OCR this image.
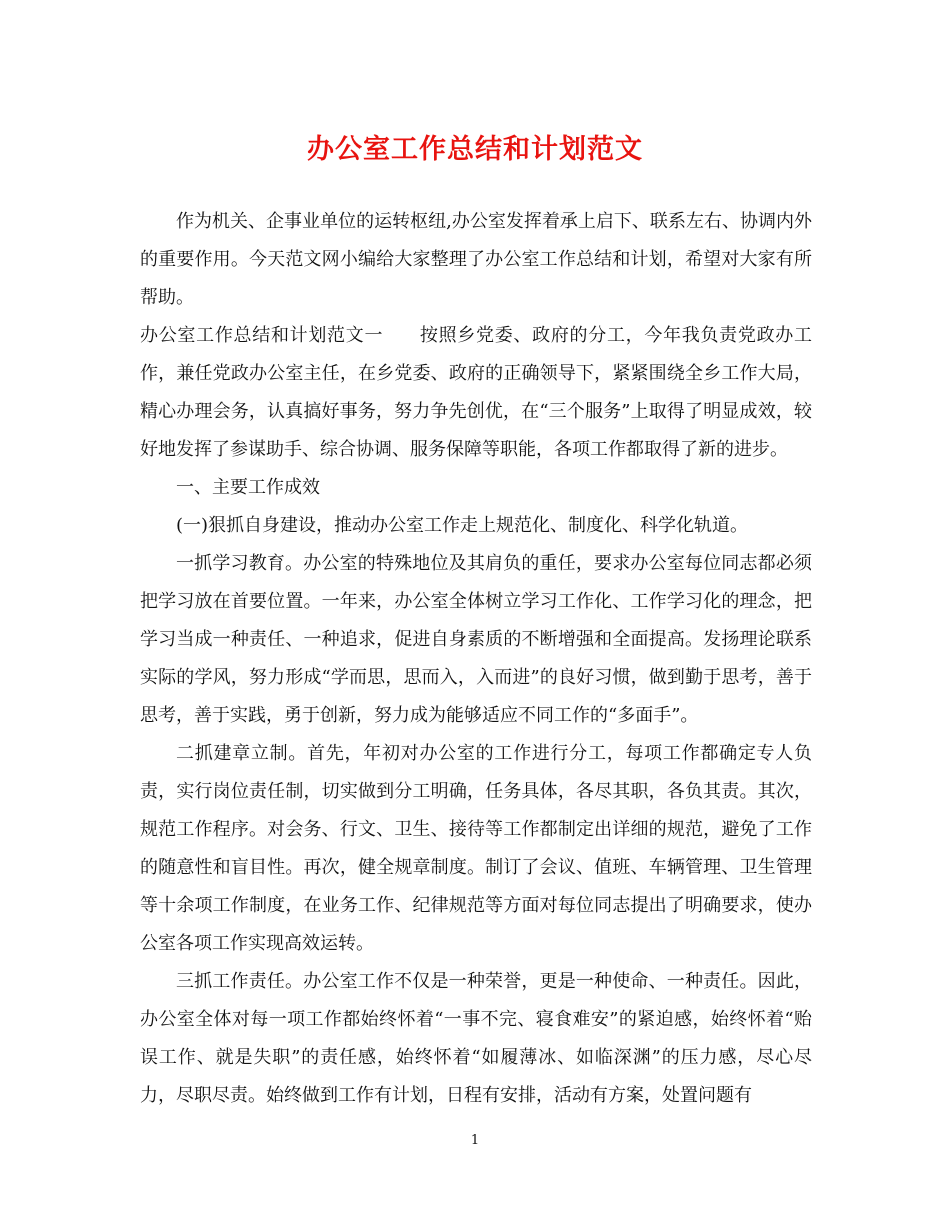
办公室工作总结和计划范文

作为机关、企事业单位的运转枢纽,办公室发挥着承上启下、联系左右、协调内外的重要作用。今天范文网小编给大家整理了办公室工作总结和计划，希望对大家有所帮助。

办公室工作总结和计划范文一 按照乡党委、政府的分工，今年我负责党政办工作，兼任党政办公室主任，在乡党委、政府的正确领导下，紧紧围绕全乡工作大局，精心办理会务，认真搞好事务，努力争先创优，在“三个服务”上取得了明显成效，较好地发挥了参谋助手、综合协调、服务保障等职能，各项工作都取得了新的进步。

一、主要工作成效

(一)狠抓自身建设，推动办公室工作走上规范化、制度化、科学化轨道。

一抓学习教育。办公室的特殊地位及其肩负的重任，要求办公室每位同志都必须把学习放在首要位置。一年来，办公室全体树立学习工作化、工作学习化的理念，把学习当成一种责任、一种追求，促进自身素质的不断增强和全面提高。发扬理论联系实际的学风，努力形成“学而思，思而入，入而进”的良好习惯，做到勤于思考，善于思考，善于实践，勇于创新，努力成为能够适应不同工作的“多面手”。

二抓建章立制。首先，年初对办公室的工作进行分工，每项工作都确定专人负责，实行岗位责任制，切实做到分工明确，任务具体，各尽其职，各负其责。其次，规范工作程序。对会务、行文、卫生、接待等工作都制定出详细的规范，避免了工作的随意性和盲目性。再次，健全规章制度。制订了会议、值班、车辆管理、卫生管理等十余项工作制度，在业务工作、纪律规范等方面对每位同志提出了明确要求，使办公室各项工作实现高效运转。

三抓工作责任。办公室工作不仅是一种荣誉，更是一种使命、一种责任。因此，办公室全体对每一项工作都始终怀着“一事不完、寝食难安”的紧迫感，始终怀着“贻误工作、就是失职”的责任感，始终怀着“如履薄冰、如临深渊”的压力感，尽心尽力，尽职尽责。始终做到工作有计划，日程有安排，活动有方案，处置问题有

1
